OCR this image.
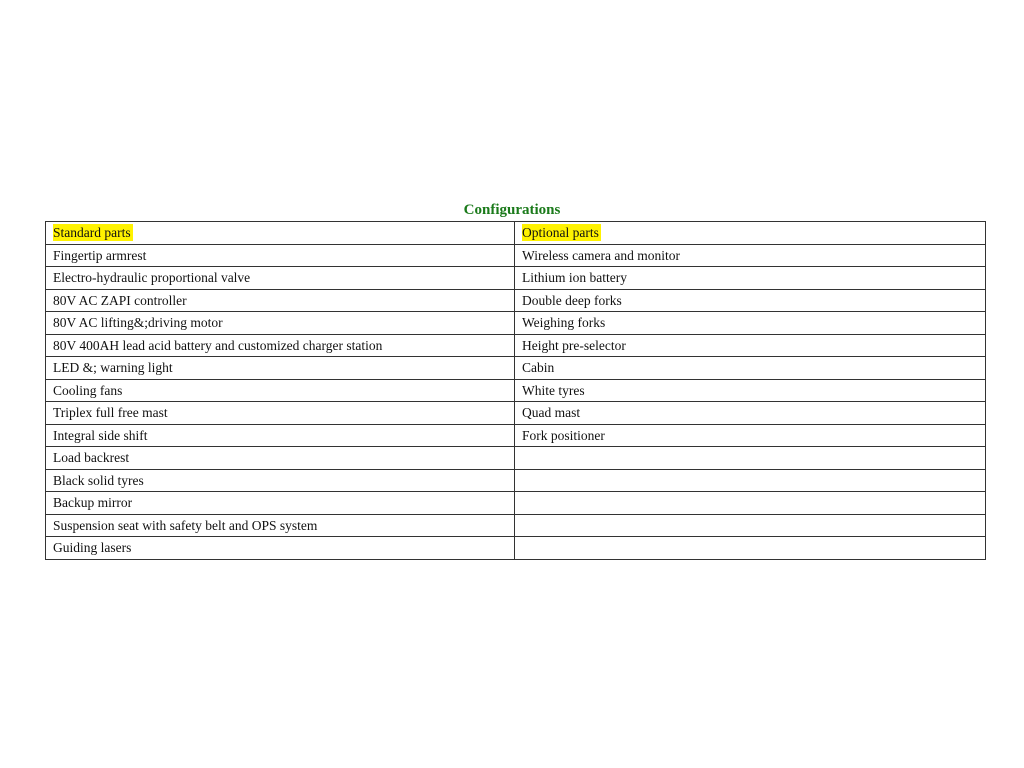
Configurations
Standard parts	Optional parts
Fingertip armrest	Wireless camera and monitor
Electro-hydraulic proportional valve	Lithium ion battery
80V AC ZAPI controller	Double deep forks
80V AC lifting&;driving motor	Weighing forks
80V 400AH lead acid battery and customized charger station	Height pre-selector
LED &; warning light	Cabin
Cooling fans	White tyres
Triplex full free mast	Quad mast
Integral side shift	Fork positioner
Load backrest	
Black solid tyres	
Backup mirror	
Suspension seat with safety belt and OPS system	
Guiding lasers	
